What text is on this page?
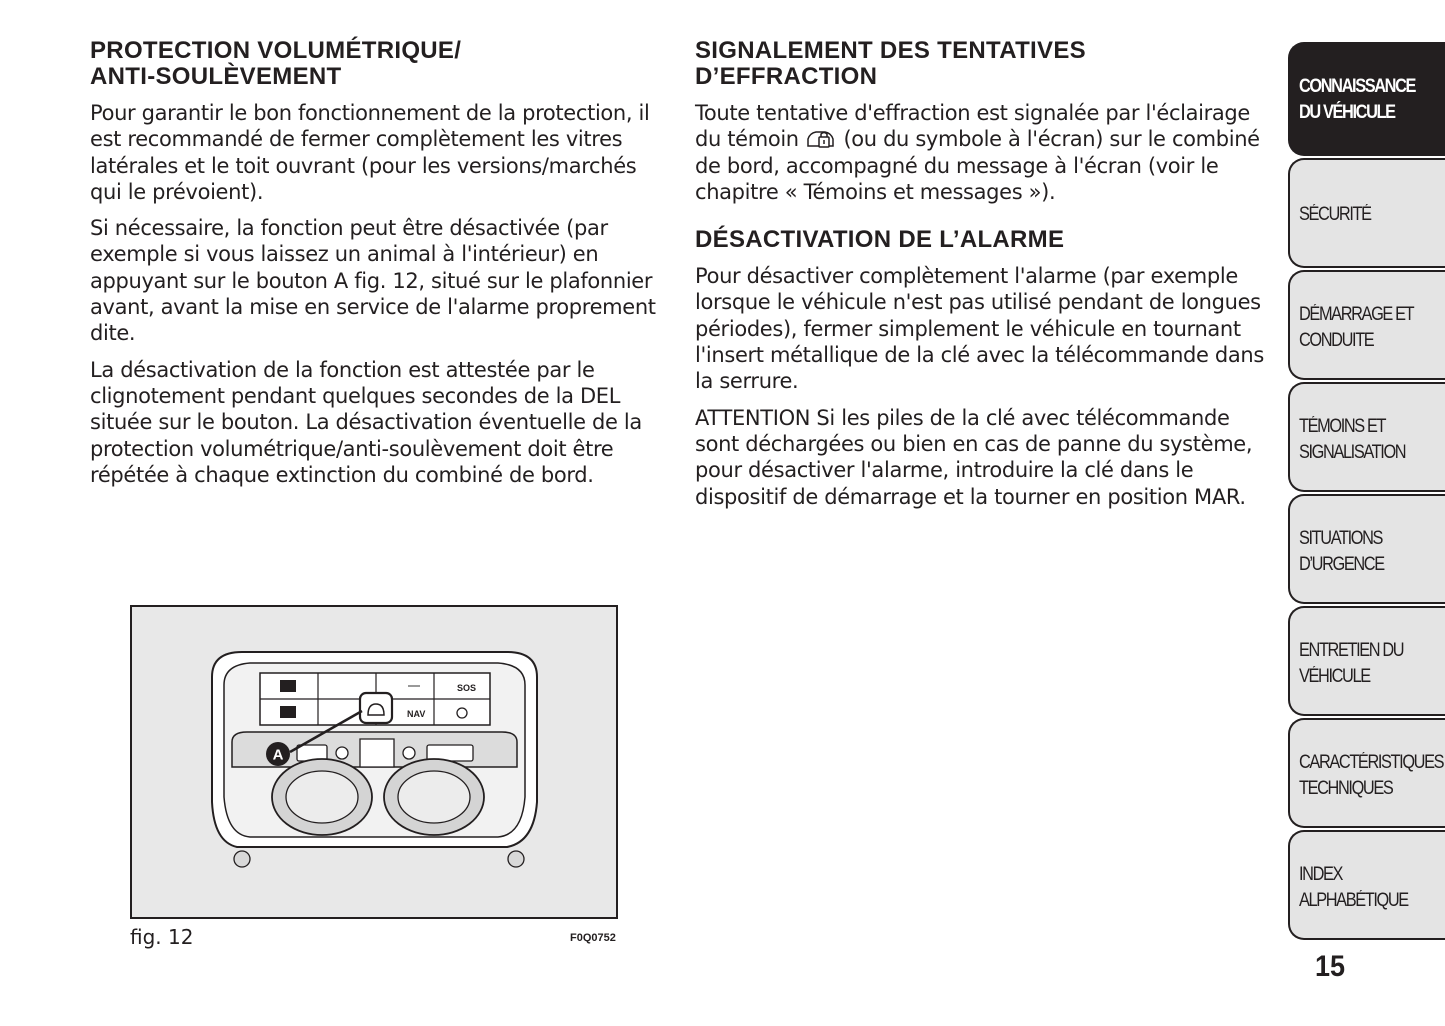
PROTECTION VOLUMÉTRIQUE/
ANTI-SOULÈVEMENT

Pour garantir le bon fonctionnement de la protection, il est recommandé de fermer complètement les vitres latérales et le toit ouvrant (pour les versions/marchés qui le prévoient).

Si nécessaire, la fonction peut être désactivée (par exemple si vous laissez un animal à l'intérieur) en appuyant sur le bouton A fig. 12, situé sur le plafonnier avant, avant la mise en service de l'alarme proprement dite.

La désactivation de la fonction est attestée par le clignotement pendant quelques secondes de la DEL située sur le bouton. La désactivation éventuelle de la protection volumétrique/anti-soulèvement doit être répétée à chaque extinction du combiné de bord.

SIGNALEMENT DES TENTATIVES
D’EFFRACTION

Toute tentative d'effraction est signalée par l'éclairage du témoin (ou du symbole à l'écran) sur le combiné de bord, accompagné du message à l'écran (voir le chapitre « Témoins et messages »).

DÉSACTIVATION DE L’ALARME

Pour désactiver complètement l'alarme (par exemple lorsque le véhicule n'est pas utilisé pendant de longues périodes), fermer simplement le véhicule en tournant l'insert métallique de la clé avec la télécommande dans la serrure.

ATTENTION Si les piles de la clé avec télécommande sont déchargées ou bien en cas de panne du système, pour désactiver l'alarme, introduire la clé dans le dispositif de démarrage et la tourner en position MAR.

SOS
NAV
A
fig. 12	F0Q0752
CONNAISSANCE
DU VÉHICULE
SÉCURITÉ
DÉMARRAGE ET
CONDUITE
TÉMOINS ET
SIGNALISATION
SITUATIONS
D’URGENCE
ENTRETIEN DU
VÉHICULE
CARACTÉRISTIQUES
TECHNIQUES
INDEX
ALPHABÉTIQUE
15
